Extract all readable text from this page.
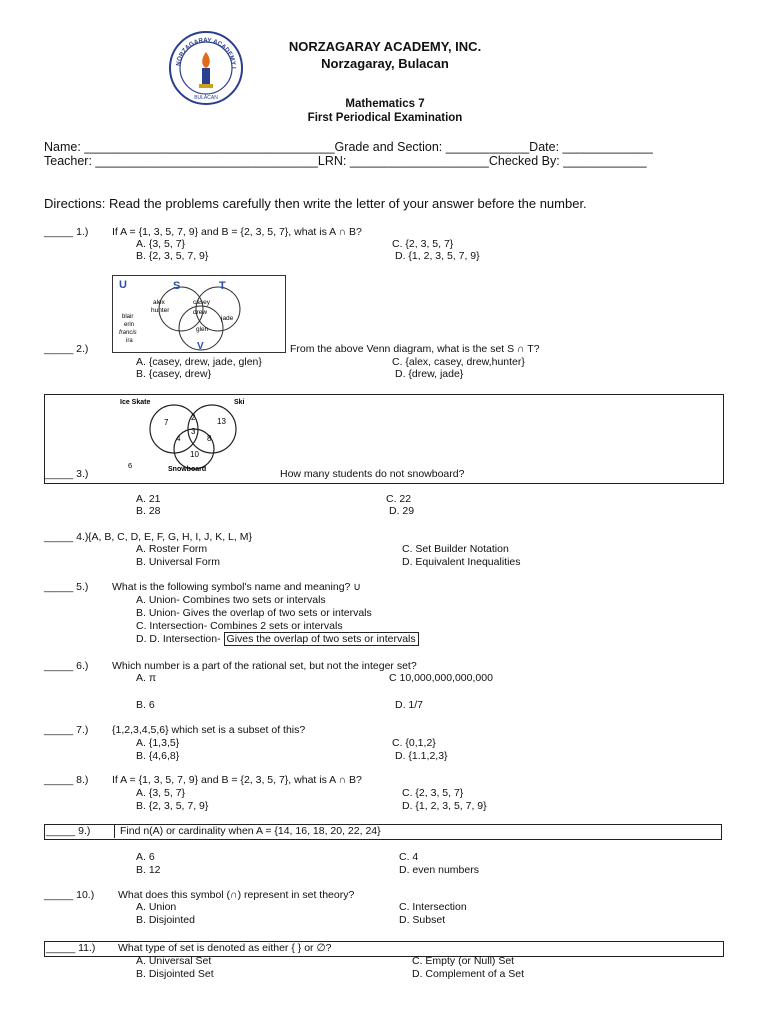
NORZAGARAY ACADEMY I
BULACAN
NORZAGARAY ACADEMY, INC.
Norzagaray, Bulacan
Mathematics 7
First Periodical Examination
Name: ____________________________________Grade and Section: ____________Date: _____________
Teacher: ________________________________LRN: ____________________Checked By: ____________
Directions: Read the problems carefully then write the letter of your answer before the number.
_____ 1.) If A = {1, 3, 5, 7, 9} and B = {2, 3, 5, 7}, what is A ∩ B?
A. {3, 5, 7}
B. {2, 3, 5, 7, 9}
C. {2, 3, 5, 7}
D. {1, 2, 3, 5, 7, 9}
U	S	T
V
alex
hunter
casey
drew
jade
glen
blair
erin
francis
ira
_____ 2.)	From the above Venn diagram, what is the set S ∩ T?
A. {casey, drew, jade, glen}
B. {casey, drew}
C. {alex, casey, drew,hunter}
D. {drew, jade}
Ice Skate	Ski
Snowboard
7
2	13
4
3
8
10
6
_____ 3.)	How many students do not snowboard?
A. 21
B. 28
C. 22
D. 29
_____ 4.) {A, B, C, D, E, F, G, H, I, J, K, L, M}
A. Roster Form
B. Universal Form
C. Set Builder Notation
D. Equivalent Inequalities
_____ 5.) What is the following symbol's name and meaning? ∪
A. Union- Combines two sets or intervals
B. Union- Gives the overlap of two sets or intervals
C. Intersection- Combines 2 sets or intervals
D. D. Intersection- Gives the overlap of two sets or intervals
_____ 6.) Which number is a part of the rational set, but not the integer set?
A. π
B. 6
C 10,000,000,000,000
D. 1/7
_____ 7.) {1,2,3,4,5,6} which set is a subset of this?
A. {1,3,5}
B. {4,6,8}
C. {0,1,2}
D. {1.1,2,3}
_____ 8.) If A = {1, 3, 5, 7, 9} and B = {2, 3, 5, 7}, what is A ∩ B?
A. {3, 5, 7}
B. {2, 3, 5, 7, 9}
C. {2, 3, 5, 7}
D. {1, 2, 3, 5, 7, 9}
_____ 9.)	Find n(A) or cardinality when A = {14, 16, 18, 20, 22, 24}
A. 6
B. 12
C. 4
D. even numbers
_____ 10.) What does this symbol (∩) represent in set theory?
A. Union
B. Disjointed
C. Intersection
D. Subset
_____ 11.) What type of set is denoted as either { } or ∅?
A. Universal Set
B. Disjointed Set
C. Empty (or Null) Set
D. Complement of a Set
